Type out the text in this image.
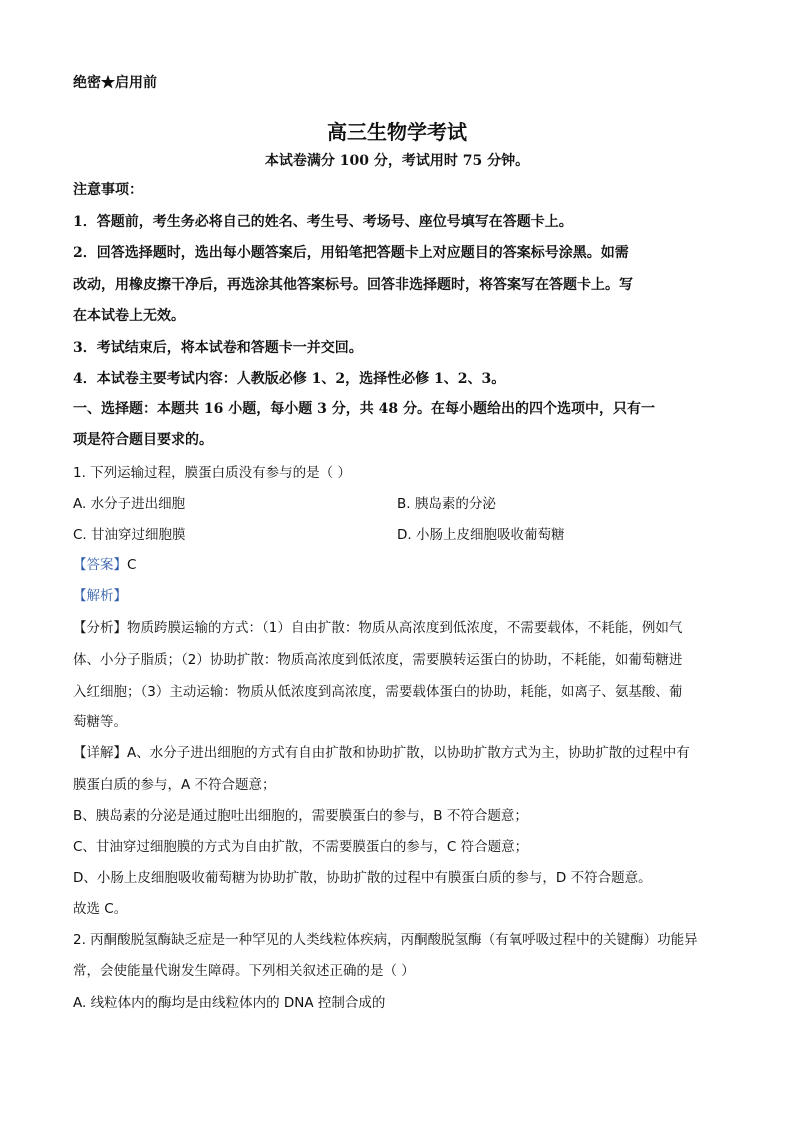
绝密★启用前
高三生物学考试
本试卷满分 100 分，考试用时 75 分钟。
注意事项：
1．答题前，考生务必将自己的姓名、考生号、考场号、座位号填写在答题卡上。
2．回答选择题时，选出每小题答案后，用铅笔把答题卡上对应题目的答案标号涂黑。如需
改动，用橡皮擦干净后，再选涂其他答案标号。回答非选择题时，将答案写在答题卡上。写
在本试卷上无效。
3．考试结束后，将本试卷和答题卡一并交回。
4．本试卷主要考试内容：人教版必修 1、2，选择性必修 1、2、3。
一、选择题：本题共 16 小题，每小题 3 分，共 48 分。在每小题给出的四个选项中，只有一
项是符合题目要求的。
1. 下列运输过程，膜蛋白质没有参与的是（ ）
A. 水分子进出细胞	B. 胰岛素的分泌
C. 甘油穿过细胞膜	D. 小肠上皮细胞吸收葡萄糖
【答案】C
【解析】
【分析】物质跨膜运输的方式：（1）自由扩散：物质从高浓度到低浓度，不需要载体，不耗能，例如气
体、小分子脂质；（2）协助扩散：物质高浓度到低浓度，需要膜转运蛋白的协助，不耗能，如葡萄糖进
入红细胞；（3）主动运输：物质从低浓度到高浓度，需要载体蛋白的协助，耗能，如离子、氨基酸、葡
萄糖等。
【详解】A、水分子进出细胞的方式有自由扩散和协助扩散，以协助扩散方式为主，协助扩散的过程中有
膜蛋白质的参与，A 不符合题意；
B、胰岛素的分泌是通过胞吐出细胞的，需要膜蛋白的参与，B 不符合题意；
C、甘油穿过细胞膜的方式为自由扩散，不需要膜蛋白的参与，C 符合题意；
D、小肠上皮细胞吸收葡萄糖为协助扩散，协助扩散的过程中有膜蛋白质的参与，D 不符合题意。
故选 C。
2. 丙酮酸脱氢酶缺乏症是一种罕见的人类线粒体疾病，丙酮酸脱氢酶（有氧呼吸过程中的关键酶）功能异
常，会使能量代谢发生障碍。下列相关叙述正确的是（ ）
A. 线粒体内的酶均是由线粒体内的 DNA 控制合成的
